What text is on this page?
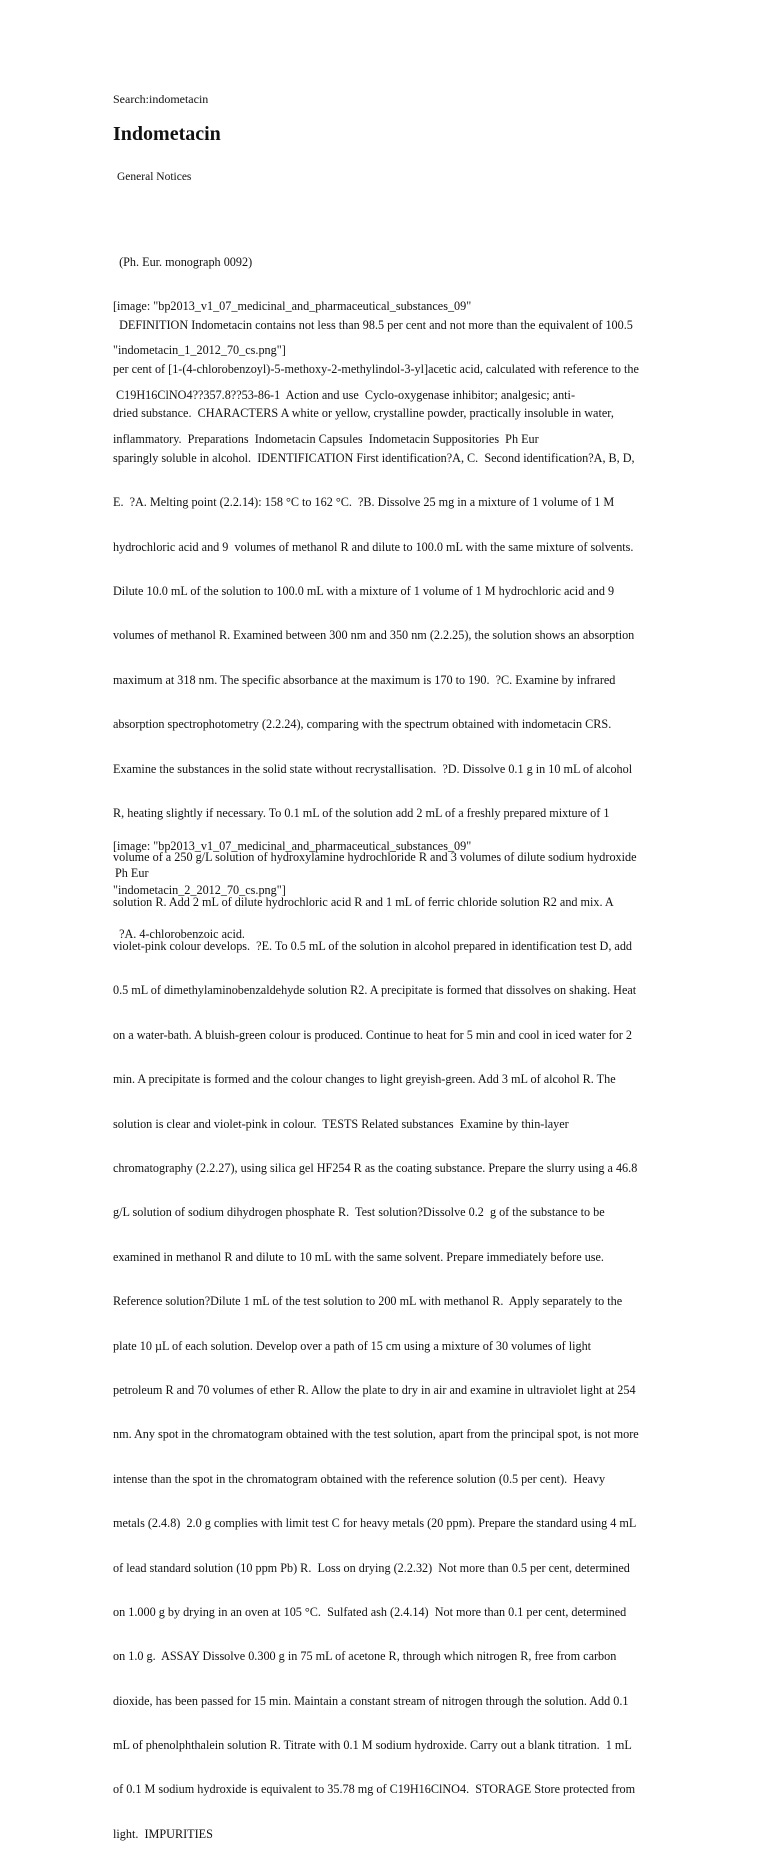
Search:indometacin
Indometacin
General Notices

(Ph. Eur. monograph 0092)

[image: "bp2013_v1_07_medicinal_and_pharmaceutical_substances_09"

"indometacin_1_2012_70_cs.png"]

C19H16ClNO4??357.8??53-86-1  Action and use  Cyclo-oxygenase inhibitor; analgesic; anti-

inflammatory.  Preparations  Indometacin Capsules  Indometacin Suppositories  Ph Eur

DEFINITION Indometacin contains not less than 98.5 per cent and not more than the equivalent of 100.5

per cent of [1-(4-chlorobenzoyl)-5-methoxy-2-methylindol-3-yl]acetic acid, calculated with reference to the

dried substance.  CHARACTERS A white or yellow, crystalline powder, practically insoluble in water,

sparingly soluble in alcohol.  IDENTIFICATION First identification?A, C.  Second identification?A, B, D,

E.  ?A. Melting point (2.2.14): 158 °C to 162 °C.  ?B. Dissolve 25 mg in a mixture of 1 volume of 1 M

hydrochloric acid and 9  volumes of methanol R and dilute to 100.0 mL with the same mixture of solvents.

Dilute 10.0 mL of the solution to 100.0 mL with a mixture of 1 volume of 1 M hydrochloric acid and 9

volumes of methanol R. Examined between 300 nm and 350 nm (2.2.25), the solution shows an absorption

maximum at 318 nm. The specific absorbance at the maximum is 170 to 190.  ?C. Examine by infrared

absorption spectrophotometry (2.2.24), comparing with the spectrum obtained with indometacin CRS.

Examine the substances in the solid state without recrystallisation.  ?D. Dissolve 0.1 g in 10 mL of alcohol

R, heating slightly if necessary. To 0.1 mL of the solution add 2 mL of a freshly prepared mixture of 1

volume of a 250 g/L solution of hydroxylamine hydrochloride R and 3 volumes of dilute sodium hydroxide

solution R. Add 2 mL of dilute hydrochloric acid R and 1 mL of ferric chloride solution R2 and mix. A

violet-pink colour develops.  ?E. To 0.5 mL of the solution in alcohol prepared in identification test D, add

0.5 mL of dimethylaminobenzaldehyde solution R2. A precipitate is formed that dissolves on shaking. Heat

on a water-bath. A bluish-green colour is produced. Continue to heat for 5 min and cool in iced water for 2

min. A precipitate is formed and the colour changes to light greyish-green. Add 3 mL of alcohol R. The

solution is clear and violet-pink in colour.  TESTS Related substances  Examine by thin-layer

chromatography (2.2.27), using silica gel HF254 R as the coating substance. Prepare the slurry using a 46.8

g/L solution of sodium dihydrogen phosphate R.  Test solution?Dissolve 0.2  g of the substance to be

examined in methanol R and dilute to 10 mL with the same solvent. Prepare immediately before use.

Reference solution?Dilute 1 mL of the test solution to 200 mL with methanol R.  Apply separately to the

plate 10 µL of each solution. Develop over a path of 15 cm using a mixture of 30 volumes of light

petroleum R and 70 volumes of ether R. Allow the plate to dry in air and examine in ultraviolet light at 254

nm. Any spot in the chromatogram obtained with the test solution, apart from the principal spot, is not more

intense than the spot in the chromatogram obtained with the reference solution (0.5 per cent).  Heavy

metals (2.4.8)  2.0 g complies with limit test C for heavy metals (20 ppm). Prepare the standard using 4 mL

of lead standard solution (10 ppm Pb) R.  Loss on drying (2.2.32)  Not more than 0.5 per cent, determined

on 1.000 g by drying in an oven at 105 °C.  Sulfated ash (2.4.14)  Not more than 0.1 per cent, determined

on 1.0 g.  ASSAY Dissolve 0.300 g in 75 mL of acetone R, through which nitrogen R, free from carbon

dioxide, has been passed for 15 min. Maintain a constant stream of nitrogen through the solution. Add 0.1

mL of phenolphthalein solution R. Titrate with 0.1 M sodium hydroxide. Carry out a blank titration.  1 mL

of 0.1 M sodium hydroxide is equivalent to 35.78 mg of C19H16ClNO4.  STORAGE Store protected from

light.  IMPURITIES

[image: "bp2013_v1_07_medicinal_and_pharmaceutical_substances_09"

"indometacin_2_2012_70_cs.png"]

?A. 4-chlorobenzoic acid.

Ph Eur
